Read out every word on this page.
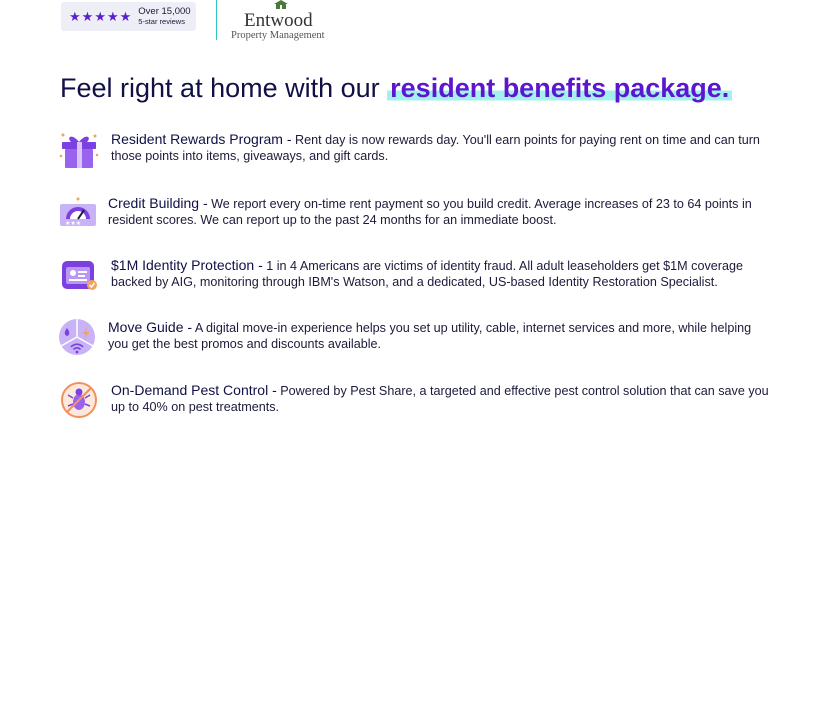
★ ★ ★ ★ ★ Over 15,000
5-star reviews	Entwood
Property Management
Feel right at home with our resident benefits package.
Resident Rewards Program - Rent day is now rewards day. You'll earn points for paying rent on time and can turn those points into items, giveaways, and gift cards.
★★★
Credit Building - We report every on-time rent payment so you build credit. Average increases of 23 to 64 points in resident scores. We can report up to the past 24 months for an immediate boost.
$1M Identity Protection - 1 in 4 Americans are victims of identity fraud. All adult leaseholders get $1M coverage backed by AIG, monitoring through IBM's Watson, and a dedicated, US-based Identity Restoration Specialist.
Move Guide - A digital move-in experience helps you set up utility, cable, internet services and more, while helping you get the best promos and discounts available.
On-Demand Pest Control - Powered by Pest Share, a targeted and effective pest control solution that can save you up to 40% on pest treatments.
